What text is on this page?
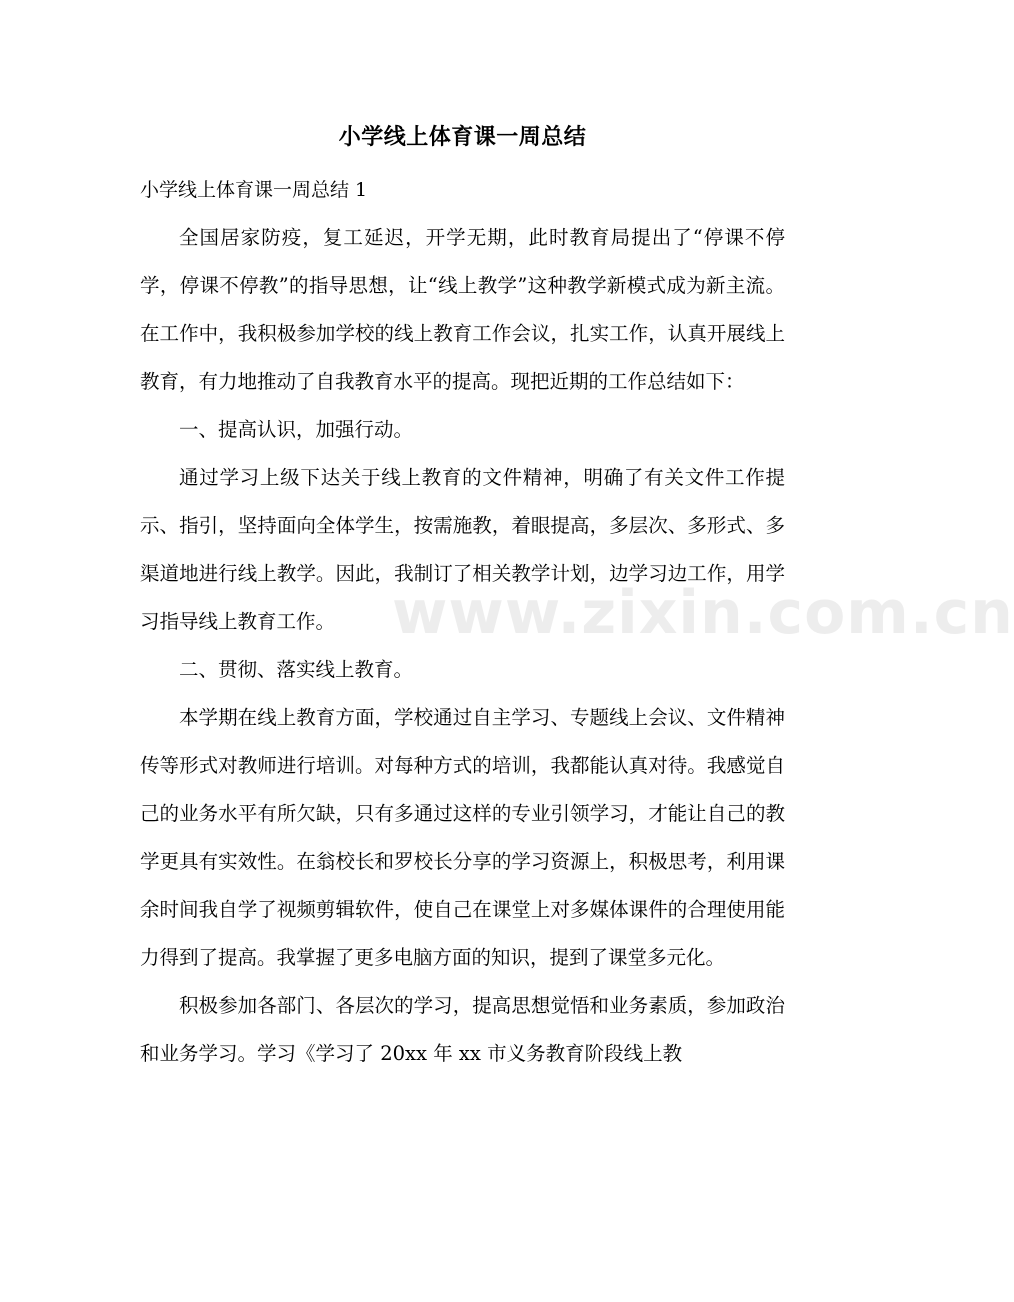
www.zixin.com.cn
小学线上体育课一周总结
小学线上体育课一周总结 1

全国居家防疫，复工延迟，开学无期，此时教育局提出了“停课不停学，停课不停教”的指导思想，让“线上教学”这种教学新模式成为新主流。在工作中，我积极参加学校的线上教育工作会议，扎实工作，认真开展线上教育，有力地推动了自我教育水平的提高。现把近期的工作总结如下：

一、提高认识，加强行动。

通过学习上级下达关于线上教育的文件精神，明确了有关文件工作提示、指引，坚持面向全体学生，按需施教，着眼提高，多层次、多形式、多渠道地进行线上教学。因此，我制订了相关教学计划，边学习边工作，用学习指导线上教育工作。

二、贯彻、落实线上教育。

本学期在线上教育方面，学校通过自主学习、专题线上会议、文件精神传等形式对教师进行培训。对每种方式的培训，我都能认真对待。我感觉自己的业务水平有所欠缺，只有多通过这样的专业引领学习，才能让自己的教学更具有实效性。在翁校长和罗校长分享的学习资源上，积极思考，利用课余时间我自学了视频剪辑软件，使自己在课堂上对多媒体课件的合理使用能力得到了提高。我掌握了更多电脑方面的知识，提到了课堂多元化。

积极参加各部门、各层次的学习，提高思想觉悟和业务素质，参加政治和业务学习。学习《学习了 20xx 年 xx 市义务教育阶段线上教
